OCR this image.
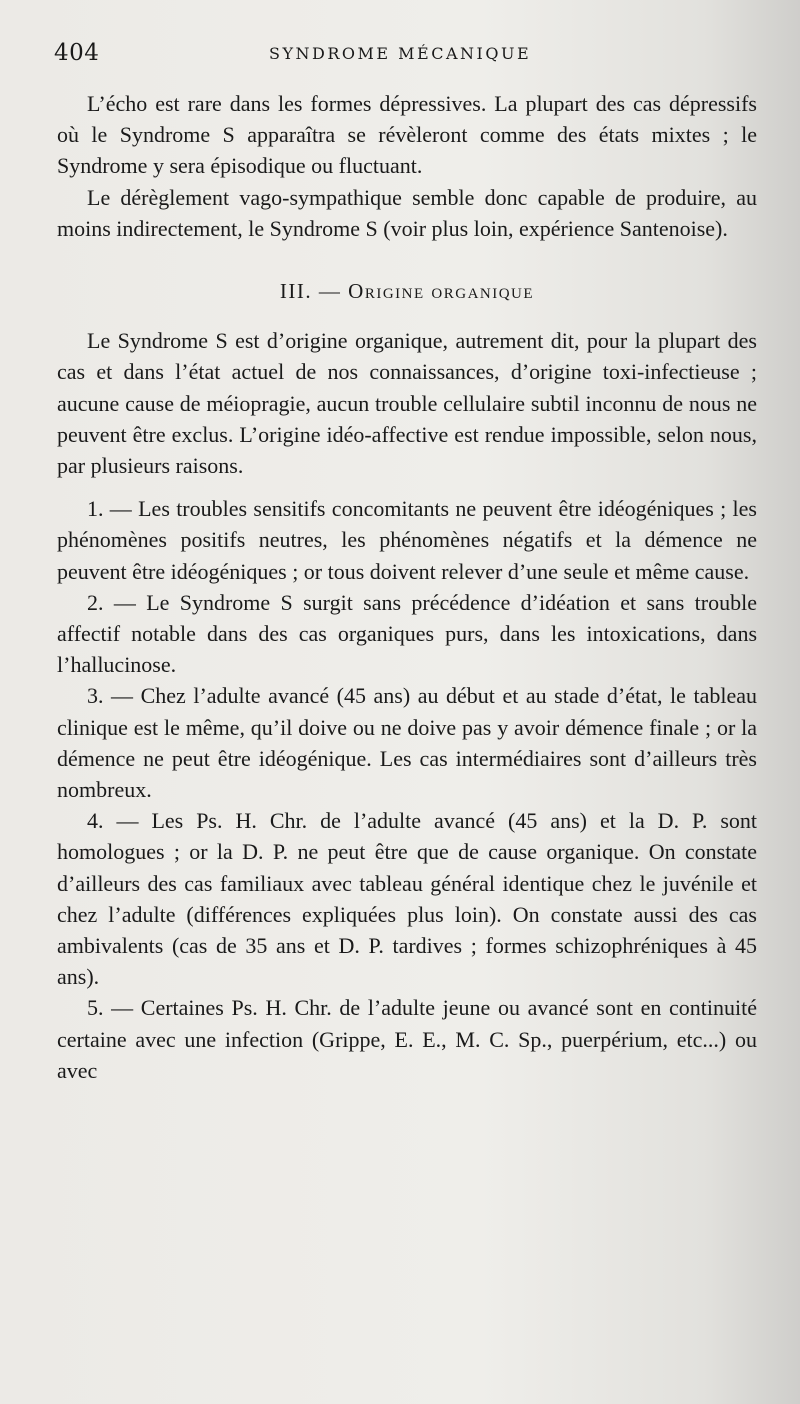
404	SYNDROME MÉCANIQUE

L’écho est rare dans les formes dépressives. La plupart des cas dépressifs où le Syndrome S apparaîtra se révèleront comme des états mixtes ; le Syndrome y sera épisodique ou fluctuant.

Le dérèglement vago-sympathique semble donc capable de produire, au moins indirectement, le Syndrome S (voir plus loin, expérience Santenoise).

III. — Origine organique

Le Syndrome S est d’origine organique, autrement dit, pour la plupart des cas et dans l’état actuel de nos connaissances, d’origine toxi-infectieuse ; aucune cause de méiopragie, aucun trouble cellulaire subtil inconnu de nous ne peuvent être exclus. L’origine idéo-affective est rendue impossible, selon nous, par plusieurs raisons.

1. — Les troubles sensitifs concomitants ne peuvent être idéogéniques ; les phénomènes positifs neutres, les phénomènes négatifs et la démence ne peuvent être idéogéniques ; or tous doivent relever d’une seule et même cause.

2. — Le Syndrome S surgit sans précédence d’idéation et sans trouble affectif notable dans des cas organiques purs, dans les intoxications, dans l’hallucinose.

3. — Chez l’adulte avancé (45 ans) au début et au stade d’état, le tableau clinique est le même, qu’il doive ou ne doive pas y avoir démence finale ; or la démence ne peut être idéogénique. Les cas intermédiaires sont d’ailleurs très nombreux.

4. — Les Ps. H. Chr. de l’adulte avancé (45 ans) et la D. P. sont homologues ; or la D. P. ne peut être que de cause organique. On constate d’ailleurs des cas familiaux avec tableau général identique chez le juvénile et chez l’adulte (différences expliquées plus loin). On constate aussi des cas ambivalents (cas de 35 ans et D. P. tardives ; formes schizophréniques à 45 ans).

5. — Certaines Ps. H. Chr. de l’adulte jeune ou avancé sont en continuité certaine avec une infection (Grippe, E. E., M. C. Sp., puerpérium, etc...) ou avec
